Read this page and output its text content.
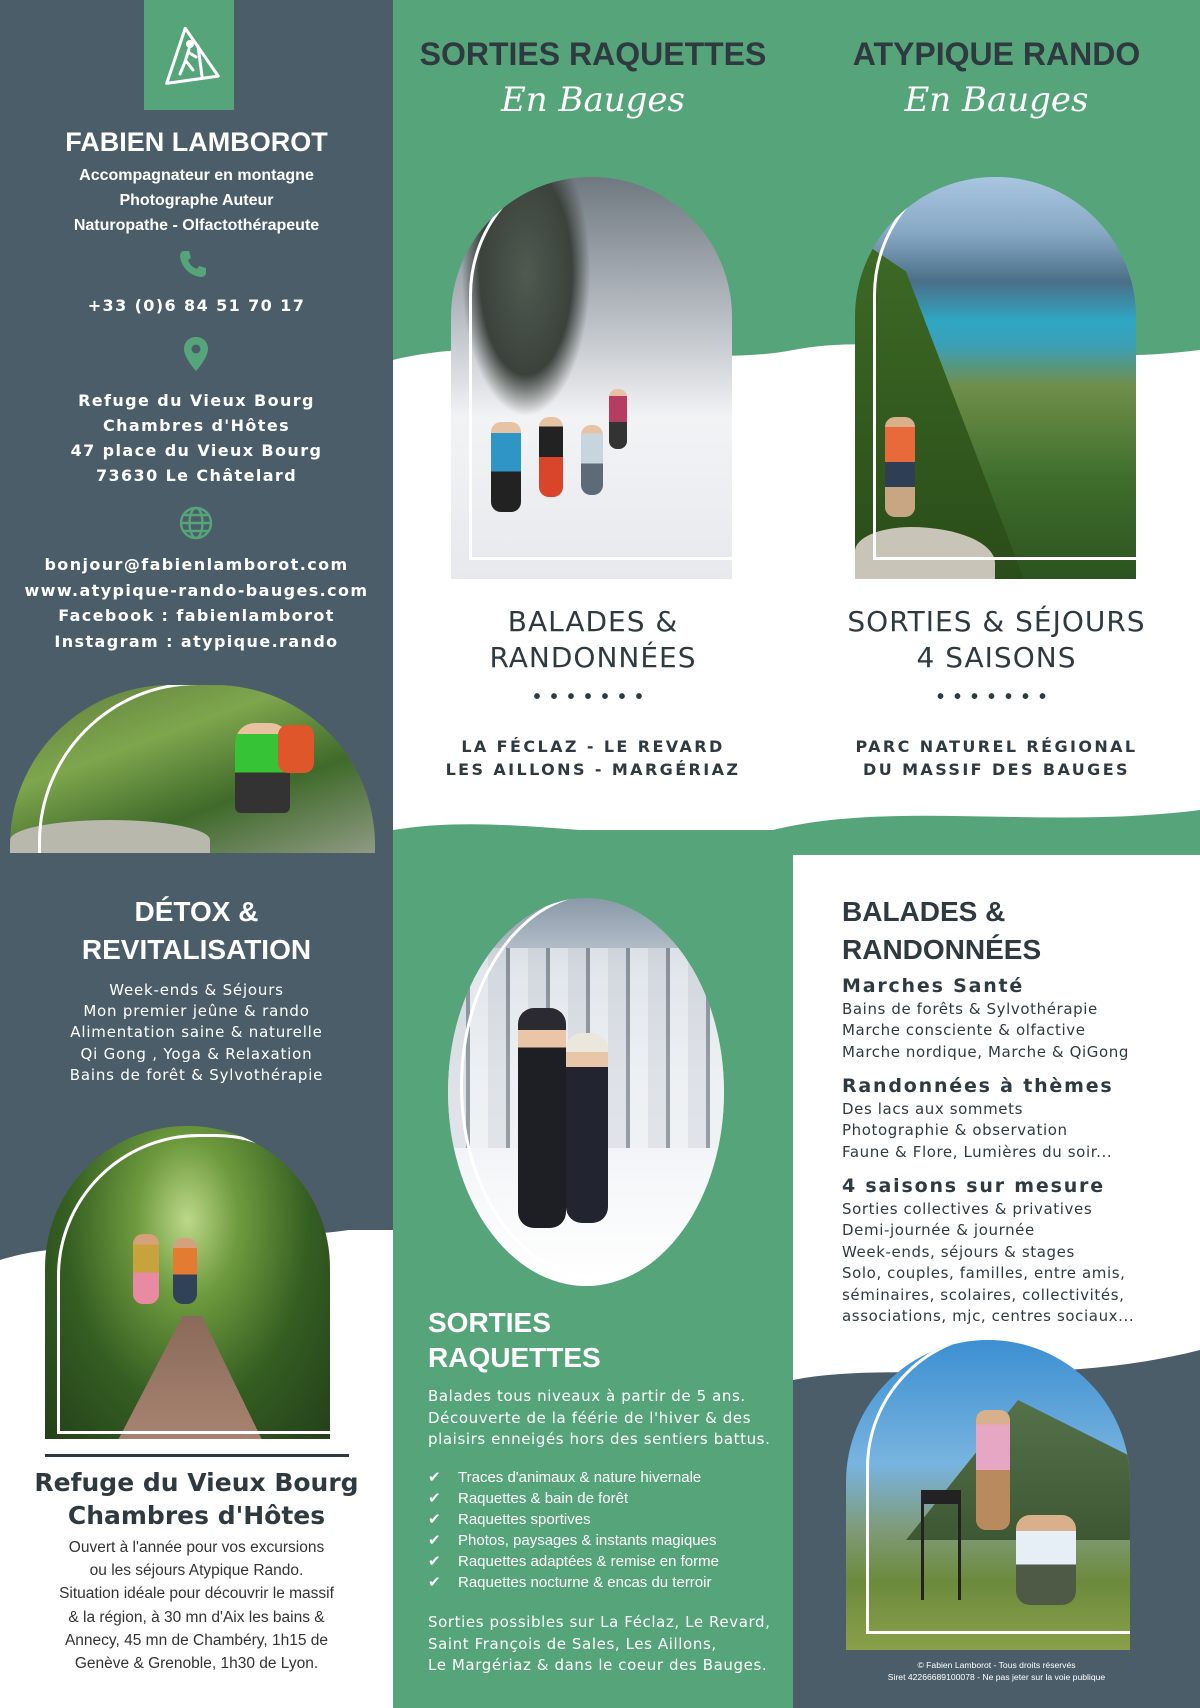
FABIEN LAMBOROT
Accompagnateur en montagne
Photographe Auteur
Naturopathe - Olfactothérapeute
+33 (0)6 84 51 70 17
Refuge du Vieux Bourg
Chambres d'Hôtes
47 place du Vieux Bourg
73630 Le Châtelard
bonjour@fabienlamborot.com
www.atypique-rando-bauges.com
Facebook : fabienlamborot
Instagram : atypique.rando
DÉTOX &
REVITALISATION
Week-ends & Séjours
Mon premier jeûne & rando
Alimentation saine & naturelle
Qi Gong , Yoga & Relaxation
Bains de forêt & Sylvothérapie
Refuge du Vieux Bourg
Chambres d'Hôtes
Ouvert à l'année pour vos excursions
ou les séjours Atypique Rando.
Situation idéale pour découvrir le massif
& la région, à 30 mn d'Aix les bains &
Annecy, 45 mn de Chambéry, 1h15 de
Genève & Grenoble, 1h30 de Lyon.
SORTIES RAQUETTES
En Bauges
BALADES &
RANDONNÉES
•••••••
LA FÉCLAZ - LE REVARD
LES AILLONS - MARGÉRIAZ
ATYPIQUE RANDO
En Bauges
SORTIES & SÉJOURS
4 SAISONS
•••••••
PARC NATUREL RÉGIONAL
DU MASSIF DES BAUGES
SORTIES
RAQUETTES
Balades tous niveaux à partir de 5 ans.
Découverte de la féérie de l'hiver & des
plaisirs enneigés hors des sentiers battus.
✔ Traces d'animaux & nature hivernale
✔ Raquettes & bain de forêt
✔ Raquettes sportives
✔ Photos, paysages & instants magiques
✔ Raquettes adaptées & remise en forme
✔ Raquettes nocturne & encas du terroir
Sorties possibles sur La Féclaz, Le Revard,
Saint François de Sales, Les Aillons,
Le Margériaz & dans le coeur des Bauges.
BALADES &
RANDONNÉES
Marches Santé
Bains de forêts & Sylvothérapie
Marche consciente & olfactive
Marche nordique, Marche & QiGong
Randonnées à thèmes
Des lacs aux sommets
Photographie & observation
Faune & Flore, Lumières du soir...
4 saisons sur mesure
Sorties collectives & privatives
Demi-journée & journée
Week-ends, séjours & stages
Solo, couples, familles, entre amis,
séminaires, scolaires, collectivités,
associations, mjc, centres sociaux...
© Fabien Lamborot - Tous droits réservés
Siret 42266689100078 - Ne pas jeter sur la voie publique
